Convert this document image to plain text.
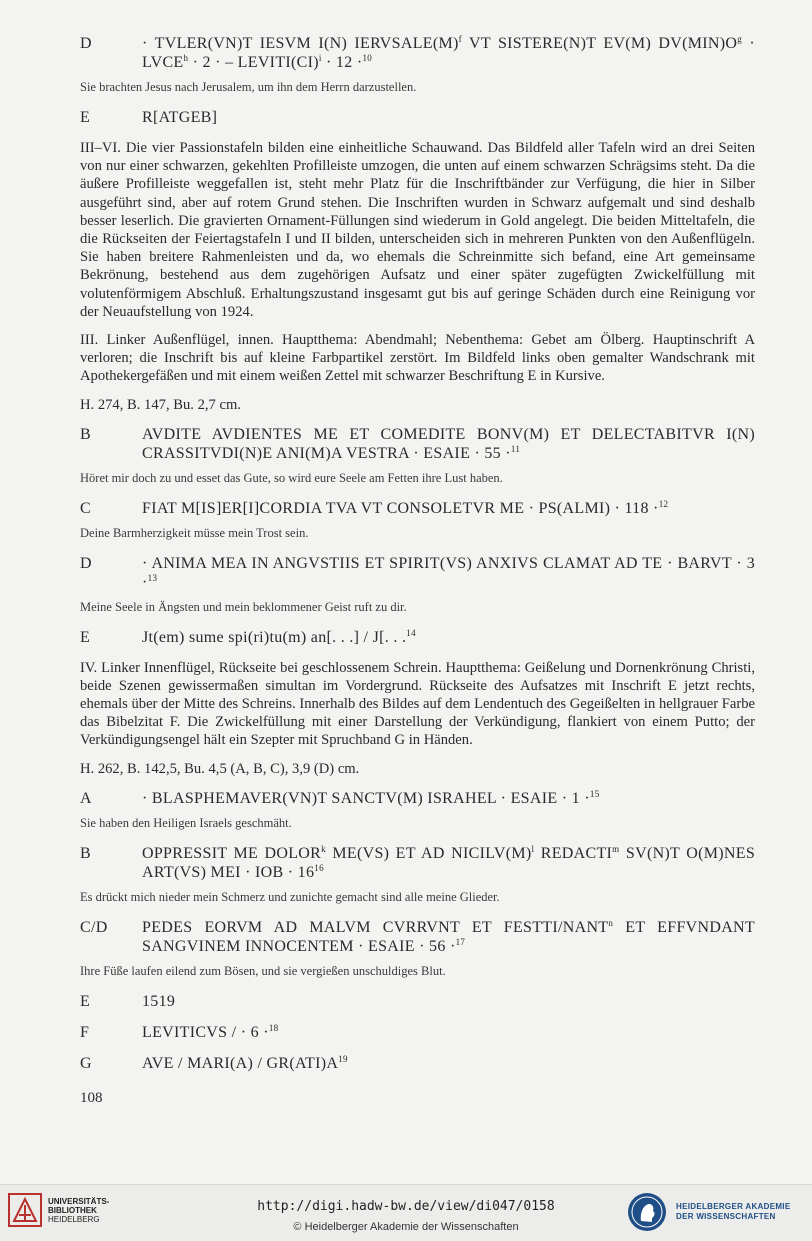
D	· TVLER(VN)T IESVM I(N) $IERVSALE(M)^f$ VT SISTERE(N)T EV(M) $DV(MIN)O^g$ · $LVCE^h \cdot 2$ · – LEVITI(CI)$^i$ · 12 ·$^{10}$
Sie brachten Jesus nach Jerusalem, um ihn dem Herrn darzustellen.
E	R[ATGEB]

III–VI. Die vier Passionstafeln bilden eine einheitliche Schauwand. Das Bildfeld aller Tafeln wird an drei Seiten von nur einer schwarzen, gekehlten Profilleiste umzogen, die unten auf einem schwarzen Schrägsims steht. Da die äußere Profilleiste weggefallen ist, steht mehr Platz für die Inschriftbänder zur Verfügung, die hier in Silber ausgeführt sind, aber auf rotem Grund stehen. Die Inschriften wurden in Schwarz aufgemalt und sind deshalb besser leserlich. Die gravierten Ornament-Füllungen sind wiederum in Gold angelegt. Die beiden Mitteltafeln, die die Rückseiten der Feiertagstafeln I und II bilden, unterscheiden sich in mehreren Punkten von den Außenflügeln. Sie haben breitere Rahmenleisten und da, wo ehemals die Schreinmitte sich befand, eine Art gemeinsame Bekrönung, bestehend aus dem zugehörigen Aufsatz und einer später zugefügten Zwickelfüllung mit volutenförmigem Abschluß. Erhaltungszustand insgesamt gut bis auf geringe Schäden durch eine Reinigung vor der Neuaufstellung von 1924.

III. Linker Außenflügel, innen. Hauptthema: Abendmahl; Nebenthema: Gebet am Ölberg. Hauptinschrift A verloren; die Inschrift bis auf kleine Farbpartikel zerstört. Im Bildfeld links oben gemalter Wandschrank mit Apothekergefäßen und mit einem weißen Zettel mit schwarzer Beschriftung E in Kursive.

H. 274, B. 147, Bu. 2,7 cm.
B	AVDITE AVDIENTES ME ET COMEDITE BONV(M) ET DELECTABITVR I(N) CRASSITVDI(N)E ANI(M)A VESTRA · ESAIE · 55 ·$^{11}$
Höret mir doch zu und esset das Gute, so wird eure Seele am Fetten ihre Lust haben.
C	FIAT M[IS]ER[I]CORDIA TVA VT CONSOLETVR ME · PS(ALMI) · 118 ·$^{12}$
Deine Barmherzigkeit müsse mein Trost sein.
D	· ANIMA MEA IN ANGVSTIIS ET SPIRIT(VS) ANXIVS CLAMAT AD TE · BARVT · 3 ·$^{13}$
Meine Seele in Ängsten und mein beklommener Geist ruft zu dir.
E	Jt(em) sume spi(ri)tu(m) an[. . .] / J[. . .$^{14}$

IV. Linker Innenflügel, Rückseite bei geschlossenem Schrein. Hauptthema: Geißelung und Dornenkrönung Christi, beide Szenen gewissermaßen simultan im Vordergrund. Rückseite des Aufsatzes mit Inschrift E jetzt rechts, ehemals über der Mitte des Schreins. Innerhalb des Bildes auf dem Lendentuch des Gegeißelten in hellgrauer Farbe das Bibelzitat F. Die Zwickelfüllung mit einer Darstellung der Verkündigung, flankiert von einem Putto; der Verkündigungsengel hält ein Szepter mit Spruchband G in Händen.

H. 262, B. 142,5, Bu. 4,5 (A, B, C), 3,9 (D) cm.
A	· BLASPHEMAVER(VN)T SANCTV(M) ISRAHEL · ESAIE · 1 ·$^{15}$
Sie haben den Heiligen Israels geschmäht.
B	OPPRESSIT ME DOLOR$^k$ ME(VS) ET AD $NICILV(M)^l$ REDACTI$^m$ SV(N)T O(M)NES ART(VS) MEI · IOB · $16^{16}$
Es drückt mich nieder mein Schmerz und zunichte gemacht sind alle meine Glieder.
C/D	PEDES EORVM AD MALVM CVRRVNT ET FESTTI/NANT$^n$ ET EFFVNDANT SANGVINEM INNOCENTEM · ESAIE · 56 ·$^{17}$
Ihre Füße laufen eilend zum Bösen, und sie vergießen unschuldiges Blut.
E	1519
F	LEVITICVS / · 6 ·$^{18}$
G	AVE / MARI(A) / $GR(ATI)A^{19}$
108
UNIVERSITÄTS-
BIBLIOTHEK
HEIDELBERG
http://digi.hadw-bw.de/view/di047/0158
© Heidelberger Akademie der Wissenschaften
HEIDELBERGER AKADEMIE
DER WISSENSCHAFTEN
